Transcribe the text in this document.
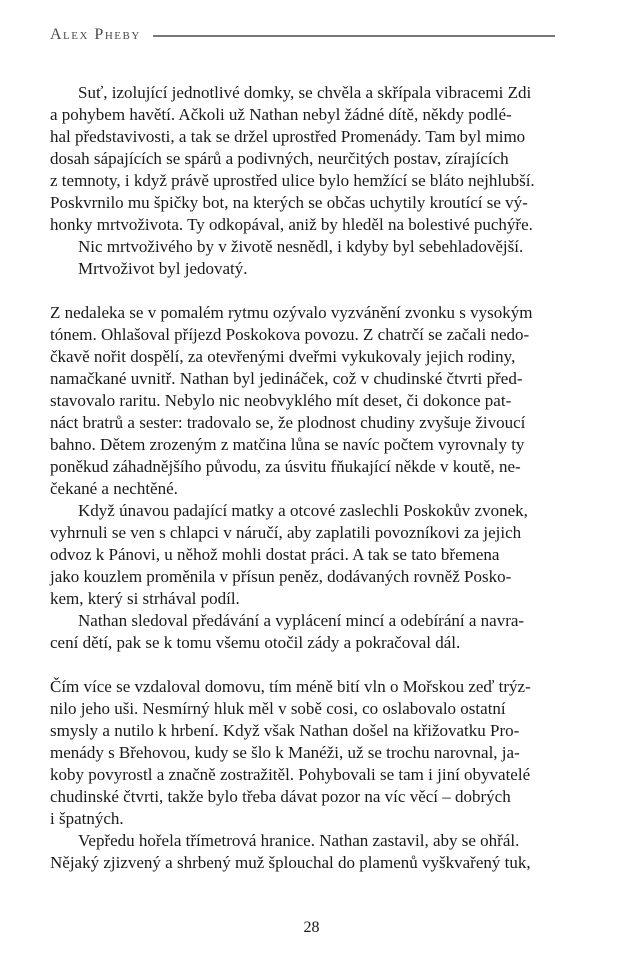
Alex Pheby

Suť, izolující jednotlivé domky, se chvěla a skřípala vibracemi Zdi
a pohybem havětí. Ačkoli už Nathan nebyl žádné dítě, někdy podlé-
hal představivosti, a tak se držel uprostřed Promenády. Tam byl mimo
dosah sápajících se spárů a podivných, neurčitých postav, zírajících
z temnoty, i když právě uprostřed ulice bylo hemžící se bláto nejhlubší.
Poskvrnilo mu špičky bot, na kterých se občas uchytily kroutící se vý-
honky mrtvoživota. Ty odkopával, aniž by hleděl na bolestivé puchýře.

Nic mrtvoživého by v životě nesnědl, i kdyby byl sebehladovější.

Mrtvoživot byl jedovatý.

Z nedaleka se v pomalém rytmu ozývalo vyzvánění zvonku s vysokým
tónem. Ohlašoval příjezd Poskokova povozu. Z chatrčí se začali nedo-
čkavě nořit dospělí, za otevřenými dveřmi vykukovaly jejich rodiny,
namačkané uvnitř. Nathan byl jedináček, což v chudinské čtvrti před-
stavovalo raritu. Nebylo nic neobvyklého mít deset, či dokonce pat-
náct bratrů a sester: tradovalo se, že plodnost chudiny zvyšuje živoucí
bahno. Dětem zrozeným z matčina lůna se navíc počtem vyrovnaly ty
poněkud záhadnějšího původu, za úsvitu fňukající někde v koutě, ne-
čekané a nechtěné.

Když únavou padající matky a otcové zaslechli Poskokův zvonek,
vyhrnuli se ven s chlapci v náručí, aby zaplatili povozníkovi za jejich
odvoz k Pánovi, u něhož mohli dostat práci. A tak se tato břemena
jako kouzlem proměnila v přísun peněz, dodávaných rovněž Posko-
kem, který si strhával podíl.

Nathan sledoval předávání a vyplácení mincí a odebírání a navra-
cení dětí, pak se k tomu všemu otočil zády a pokračoval dál.

Čím více se vzdaloval domovu, tím méně bití vln o Mořskou zeď trýz-
nilo jeho uši. Nesmírný hluk měl v sobě cosi, co oslabovalo ostatní
smysly a nutilo k hrbení. Když však Nathan došel na křižovatku Pro-
menády s Břehovou, kudy se šlo k Manéži, už se trochu narovnal, ja-
koby povyrostl a značně zostražitěl. Pohybovali se tam i jiní obyvatelé
chudinské čtvrti, takže bylo třeba dávat pozor na víc věcí – dobrých
i špatných.

Vepředu hořela třímetrová hranice. Nathan zastavil, aby se ohřál.
Nějaký zjizvený a shrbený muž šplouchal do plamenů vyškvařený tuk,

28
